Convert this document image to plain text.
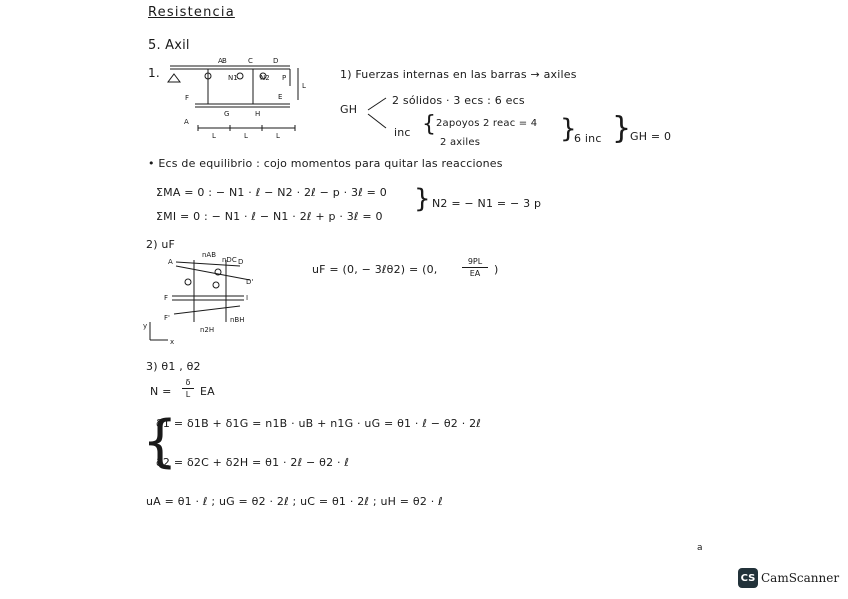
Resistencia
5. Axil
1.
A B	C	D
N1	N2 P
L
F
G	H
E
A
L	L	L
1) Fuerzas internas en las barras → axiles
GH
2 sólidos · 3 ecs : 6 ecs
inc { 2apoyos 2 reac = 4
2 axiles	}
6 inc }
GH = 0
• Ecs de equilibrio : cojo momentos para quitar las reacciones
ΣMA = 0 : − N1 · ℓ − N2 · 2ℓ − p · 3ℓ = 0
ΣMI = 0 : − N1 · ℓ − N1 · 2ℓ + p · 3ℓ = 0
} N2 = − N1 = − 3 p
2) uF
A	D
nAB
nDC
D'
F	I
F'
n2H
nBH
y
x
uF = (0, − 3ℓθ2) = (0,
9PL
EA )
3) θ1 , θ2
N =
δ
L EA
{
δ1 = δ1B + δ1G = n1B · uB + n1G · uG = θ1 · ℓ − θ2 · 2ℓ
δ2 = δ2C + δ2H = θ1 · 2ℓ − θ2 · ℓ
uA = θ1 · ℓ ; uG = θ2 · 2ℓ ; uC = θ1 · 2ℓ ; uH = θ2 · ℓ
a
CS CamScanner
